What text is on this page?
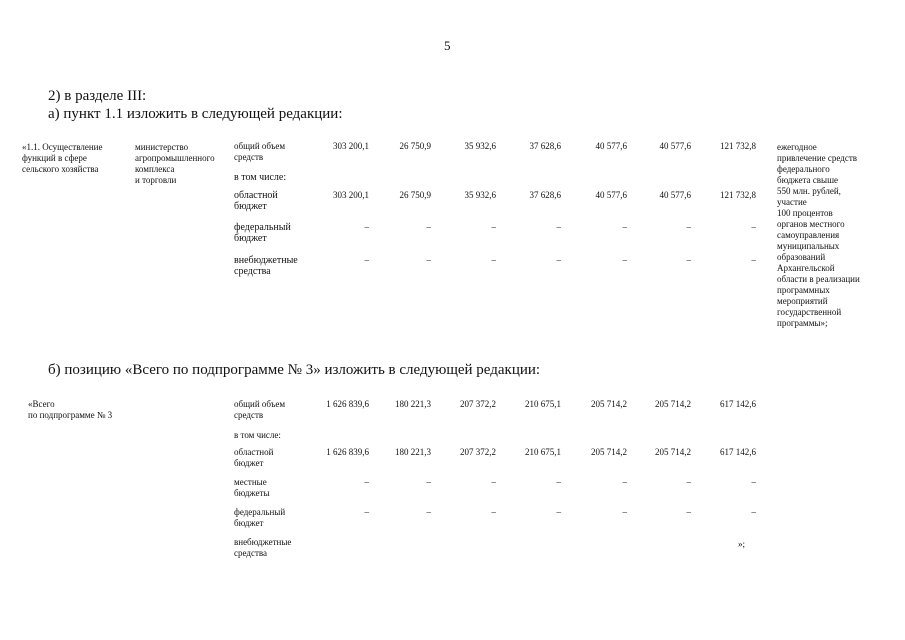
5
2) в разделе III:
а) пункт 1.1 изложить в следующей редакции:
б) позицию «Всего по подпрограмме № 3» изложить в следующей редакции:
«1.1. Осуществление
функций в сфере
сельского хозяйства
министерство
агропромышленного
комплекса
и торговли
общий объем
средств
303 200,1	26 750,9	35 932,6	37 628,6	40 577,6	40 577,6	121 732,8
в том числе:
областной
бюджет
303 200,1	26 750,9	35 932,6	37 628,6	40 577,6	40 577,6	121 732,8
федеральный
бюджет
–	–	–	–	–	–	–
внебюджетные
средства
–	–	–	–	–	–	–
ежегодное
привлечение средств
федерального
бюджета свыше
550 млн. рублей,
участие
100 процентов
органов местного
самоуправления
муниципальных
образований
Архангельской
области в реализации
программных
мероприятий
государственной
программы»;
«Всего
по подпрограмме № 3
общий объем
средств
1 626 839,6	180 221,3	207 372,2	210 675,1	205 714,2	205 714,2	617 142,6
в том числе:
областной
бюджет
1 626 839,6	180 221,3	207 372,2	210 675,1	205 714,2	205 714,2	617 142,6
местные
бюджеты
–	–	–	–	–	–	–
федеральный
бюджет
–	–	–	–	–	–	–
внебюджетные
средства
»;
